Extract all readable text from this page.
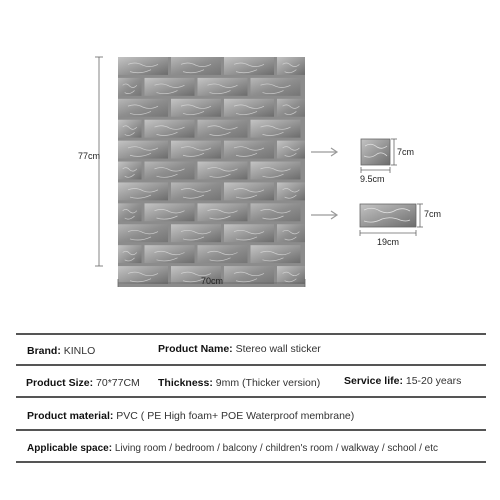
77cm
70cm
7cm
9.5cm
7cm
19cm
Brand: KINLO	Product Name: Stereo wall sticker
Product Size: 70*77CM Thickness: 9mm (Thicker version) Service life: 15-20 years
Product material: PVC ( PE High foam+ POE Waterproof membrane)
Applicable space: Living room / bedroom / balcony / children's room / walkway / school / etc
